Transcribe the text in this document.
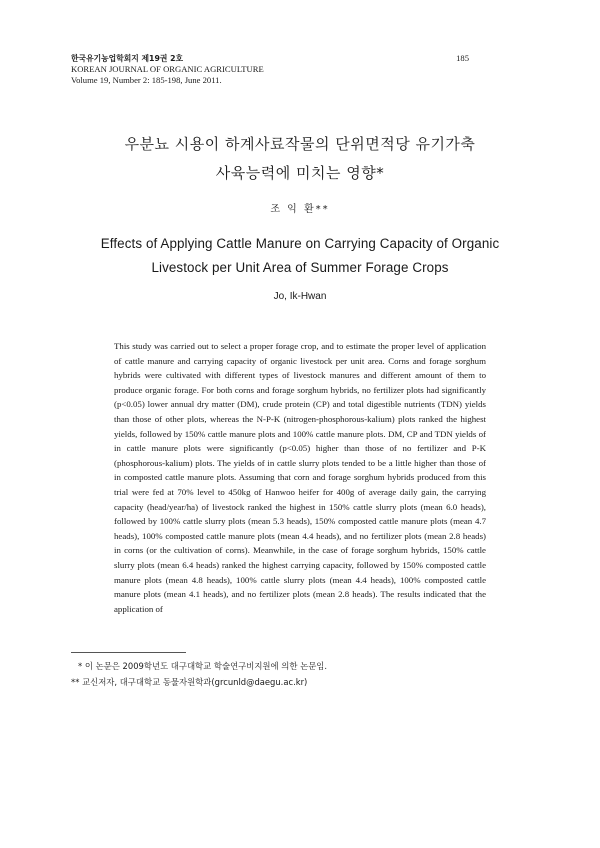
한국유기농업학회지 제19권 2호
KOREAN JOURNAL OF ORGANIC AGRICULTURE
Volume 19, Number 2: 185-198, June 2011.
185
우분뇨 시용이 하계사료작물의 단위면적당 유기가축
사육능력에 미치는 영향*
조 익 환**
Effects of Applying Cattle Manure on Carrying Capacity of Organic
Livestock per Unit Area of Summer Forage Crops
Jo, Ik-Hwan

This study was carried out to select a proper forage crop, and to estimate the proper level of application of cattle manure and carrying capacity of organic livestock per unit area. Corns and forage sorghum hybrids were cultivated with different types of livestock manures and different amount of them to produce organic forage. For both corns and forage sorghum hybrids, no fertilizer plots had significantly (p<0.05) lower annual dry matter (DM), crude protein (CP) and total digestible nutrients (TDN) yields than those of other plots, whereas the N-P-K (nitrogen-phosphorous-kalium) plots ranked the highest yields, followed by 150% cattle manure plots and 100% cattle manure plots. DM, CP and TDN yields of in cattle manure plots were significantly (p<0.05) higher than those of no fertilizer and P-K (phosphorous-kalium) plots. The yields of in cattle slurry plots tended to be a little higher than those of in composted cattle manure plots. Assuming that corn and forage sorghum hybrids produced from this trial were fed at 70% level to 450kg of Hanwoo heifer for 400g of average daily gain, the carrying capacity (head/year/ha) of livestock ranked the highest in 150% cattle slurry plots (mean 6.0 heads), followed by 100% cattle slurry plots (mean 5.3 heads), 150% composted cattle manure plots (mean 4.7 heads), 100% composted cattle manure plots (mean 4.4 heads), and no fertilizer plots (mean 2.8 heads) in corns (or the cultivation of corns). Meanwhile, in the case of forage sorghum hybrids, 150% cattle slurry plots (mean 6.4 heads) ranked the highest carrying capacity, followed by 150% composted cattle manure plots (mean 4.8 heads), 100% cattle slurry plots (mean 4.4 heads), 100% composted cattle manure plots (mean 4.1 heads), and no fertilizer plots (mean 2.8 heads). The results indicated that the application of

* 이 논문은 2009학년도 대구대학교 학술연구비지원에 의한 논문임.
** 교신저자, 대구대학교 동물자원학과(grcunld@daegu.ac.kr)
